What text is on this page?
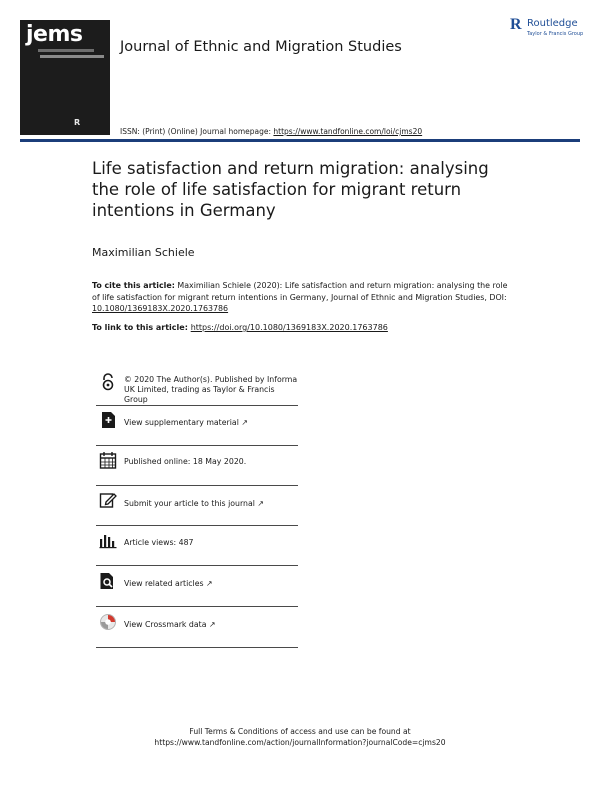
jems
R
Journal of Ethnic and Migration Studies
ISSN: (Print) (Online) Journal homepage: https://www.tandfonline.com/loi/cjms20
R Routledge
Taylor & Francis Group
Life satisfaction and return migration: analysing the role of life satisfaction for migrant return intentions in Germany
Maximilian Schiele
To cite this article: Maximilian Schiele (2020): Life satisfaction and return migration: analysing the role of life satisfaction for migrant return intentions in Germany, Journal of Ethnic and Migration Studies, DOI: 10.1080/1369183X.2020.1763786
To link to this article: https://doi.org/10.1080/1369183X.2020.1763786
© 2020 The Author(s). Published by Informa UK Limited, trading as Taylor & Francis Group
View supplementary material ↗
Published online: 18 May 2020.
Submit your article to this journal ↗
Article views: 487
View related articles ↗
View Crossmark data ↗
Full Terms & Conditions of access and use can be found at
https://www.tandfonline.com/action/journalInformation?journalCode=cjms20
